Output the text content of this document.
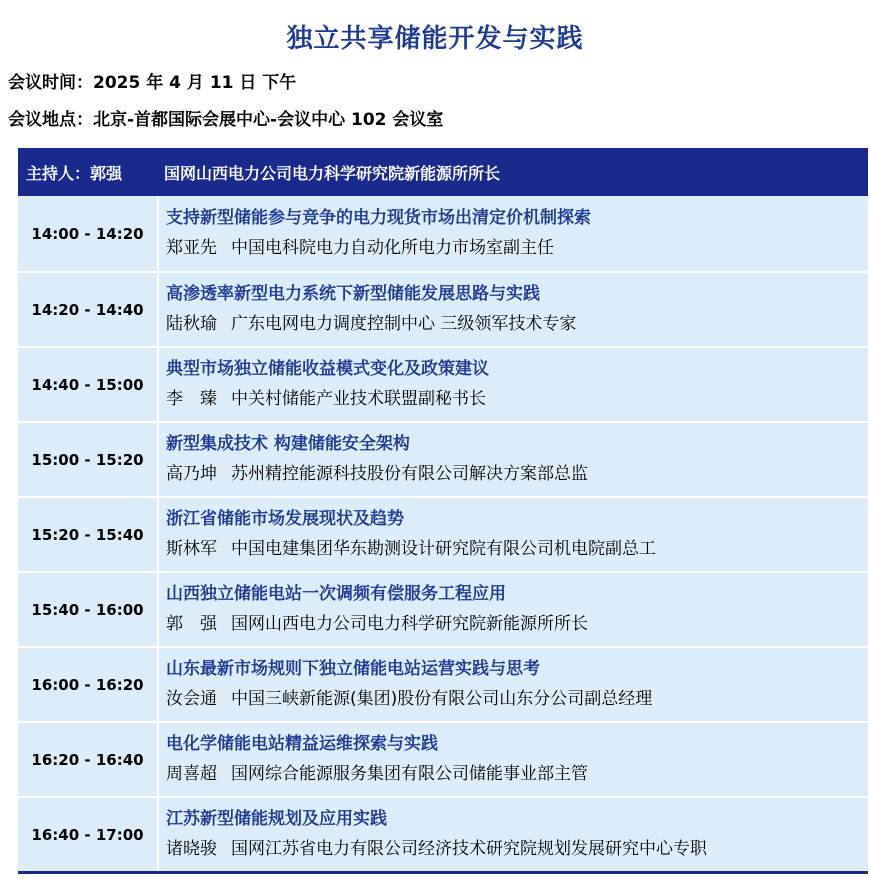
独立共享储能开发与实践
会议时间：2025 年 4 月 11 日 下午
会议地点：北京-首都国际会展中心-会议中心 102 会议室
主持人：郭强	国网山西电力公司电力科学研究院新能源所所长
14:00 - 14:20
支持新型储能参与竞争的电力现货市场出清定价机制探索
郑亚先 中国电科院电力自动化所电力市场室副主任
14:20 - 14:40
高渗透率新型电力系统下新型储能发展思路与实践
陆秋瑜 广东电网电力调度控制中心 三级领军技术专家
14:40 - 15:00
典型市场独立储能收益模式变化及政策建议
李　臻 中关村储能产业技术联盟副秘书长
15:00 - 15:20
新型集成技术 构建储能安全架构
高乃坤 苏州精控能源科技股份有限公司解决方案部总监
15:20 - 15:40
浙江省储能市场发展现状及趋势
斯林军 中国电建集团华东勘测设计研究院有限公司机电院副总工
15:40 - 16:00
山西独立储能电站一次调频有偿服务工程应用
郭　强 国网山西电力公司电力科学研究院新能源所所长
16:00 - 16:20
山东最新市场规则下独立储能电站运营实践与思考
汝会通 中国三峡新能源(集团)股份有限公司山东分公司副总经理
16:20 - 16:40
电化学储能电站精益运维探索与实践
周喜超 国网综合能源服务集团有限公司储能事业部主管
16:40 - 17:00
江苏新型储能规划及应用实践
诸晓骏 国网江苏省电力有限公司经济技术研究院规划发展研究中心专职
